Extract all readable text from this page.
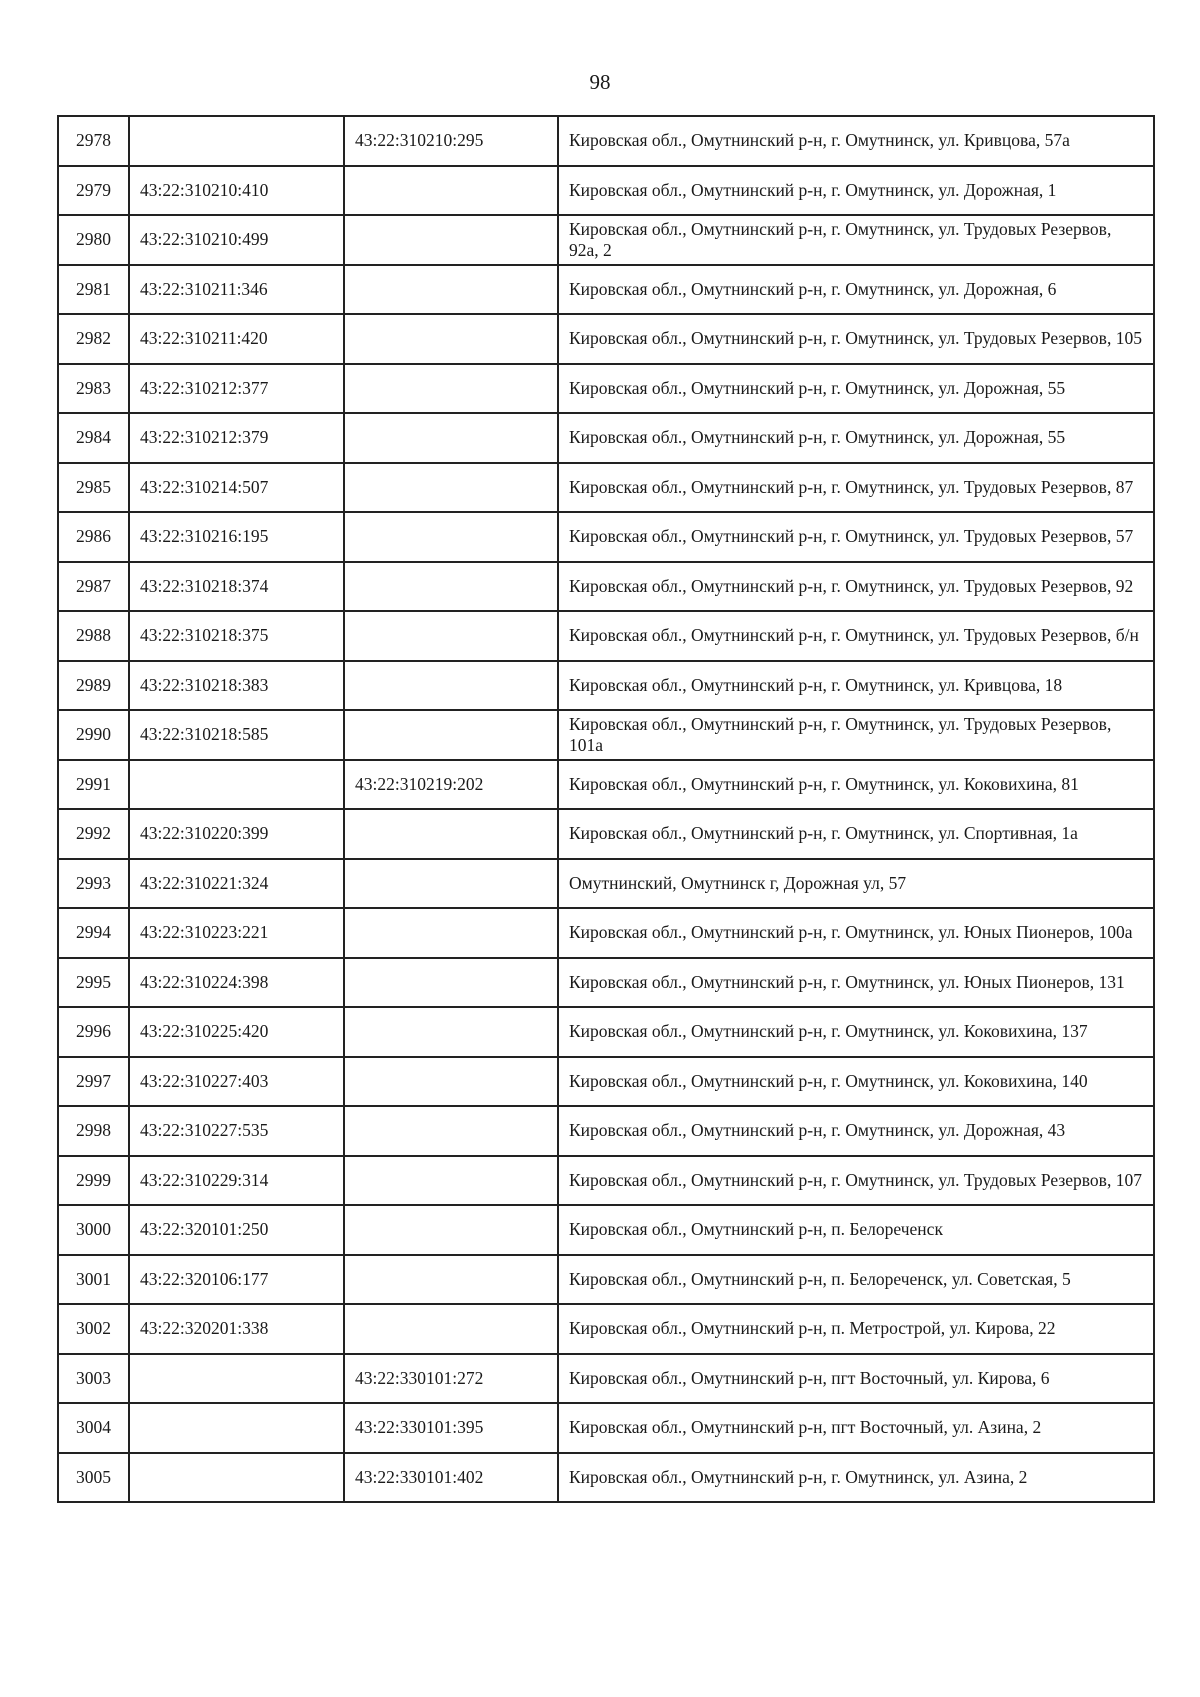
98
2978		43:22:310210:295	Кировская обл., Омутнинский р-н, г. Омутнинск, ул. Кривцова, 57а
2979	43:22:310210:410		Кировская обл., Омутнинский р-н, г. Омутнинск, ул. Дорожная, 1
2980	43:22:310210:499		Кировская обл., Омутнинский р-н, г. Омутнинск, ул. Трудовых Резервов, 92а, 2
2981	43:22:310211:346		Кировская обл., Омутнинский р-н, г. Омутнинск, ул. Дорожная, 6
2982	43:22:310211:420		Кировская обл., Омутнинский р-н, г. Омутнинск, ул. Трудовых Резервов, 105
2983	43:22:310212:377		Кировская обл., Омутнинский р-н, г. Омутнинск, ул. Дорожная, 55
2984	43:22:310212:379		Кировская обл., Омутнинский р-н, г. Омутнинск, ул. Дорожная, 55
2985	43:22:310214:507		Кировская обл., Омутнинский р-н, г. Омутнинск, ул. Трудовых Резервов, 87
2986	43:22:310216:195		Кировская обл., Омутнинский р-н, г. Омутнинск, ул. Трудовых Резервов, 57
2987	43:22:310218:374		Кировская обл., Омутнинский р-н, г. Омутнинск, ул. Трудовых Резервов, 92
2988	43:22:310218:375		Кировская обл., Омутнинский р-н, г. Омутнинск, ул. Трудовых Резервов, б/н
2989	43:22:310218:383		Кировская обл., Омутнинский р-н, г. Омутнинск, ул. Кривцова, 18
2990	43:22:310218:585		Кировская обл., Омутнинский р-н, г. Омутнинск, ул. Трудовых Резервов, 101а
2991		43:22:310219:202	Кировская обл., Омутнинский р-н, г. Омутнинск, ул. Коковихина, 81
2992	43:22:310220:399		Кировская обл., Омутнинский р-н, г. Омутнинск, ул. Спортивная, 1а
2993	43:22:310221:324		Омутнинский, Омутнинск г, Дорожная ул, 57
2994	43:22:310223:221		Кировская обл., Омутнинский р-н, г. Омутнинск, ул. Юных Пионеров, 100а
2995	43:22:310224:398		Кировская обл., Омутнинский р-н, г. Омутнинск, ул. Юных Пионеров, 131
2996	43:22:310225:420		Кировская обл., Омутнинский р-н, г. Омутнинск, ул. Коковихина, 137
2997	43:22:310227:403		Кировская обл., Омутнинский р-н, г. Омутнинск, ул. Коковихина, 140
2998	43:22:310227:535		Кировская обл., Омутнинский р-н, г. Омутнинск, ул. Дорожная, 43
2999	43:22:310229:314		Кировская обл., Омутнинский р-н, г. Омутнинск, ул. Трудовых Резервов, 107
3000	43:22:320101:250		Кировская обл., Омутнинский р-н, п. Белореченск
3001	43:22:320106:177		Кировская обл., Омутнинский р-н, п. Белореченск, ул. Советская, 5
3002	43:22:320201:338		Кировская обл., Омутнинский р-н, п. Метрострой, ул. Кирова, 22
3003		43:22:330101:272	Кировская обл., Омутнинский р-н, пгт Восточный, ул. Кирова, 6
3004		43:22:330101:395	Кировская обл., Омутнинский р-н, пгт Восточный, ул. Азина, 2
3005		43:22:330101:402	Кировская обл., Омутнинский р-н, г. Омутнинск, ул. Азина, 2
